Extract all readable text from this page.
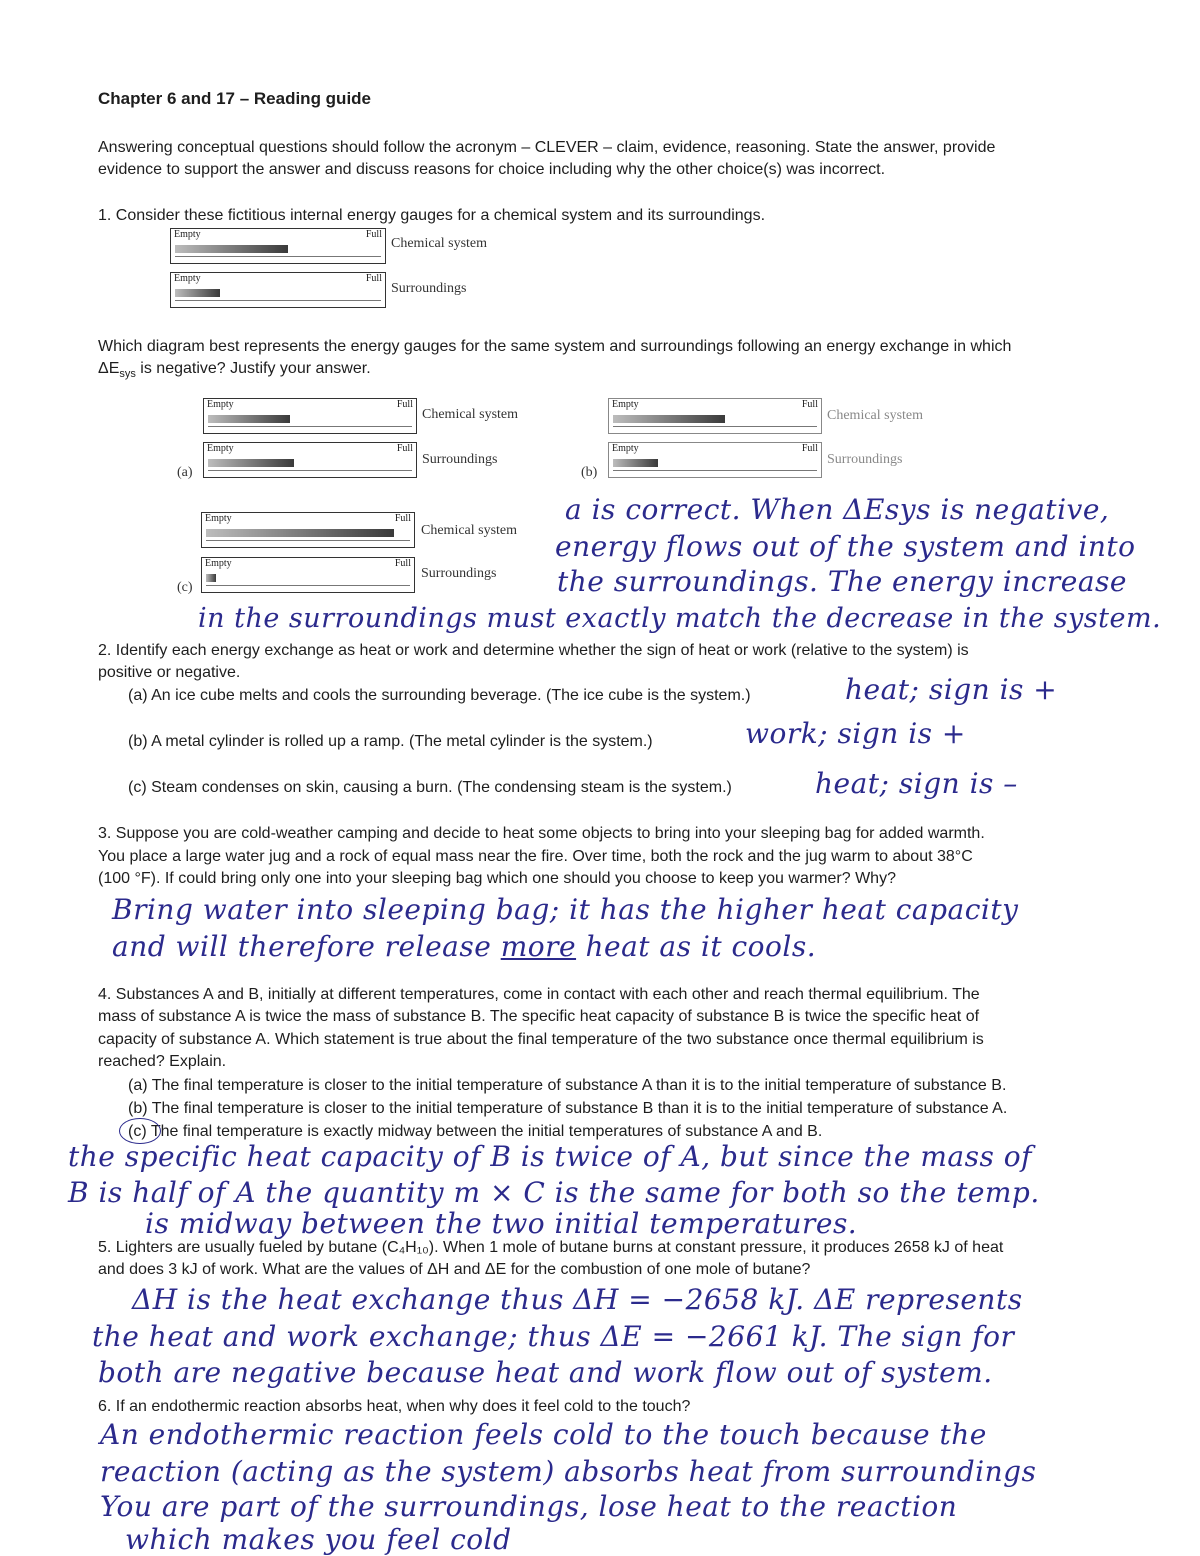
Chapter 6 and 17 – Reading guide
Answering conceptual questions should follow the acronym – CLEVER – claim, evidence, reasoning. State the answer, provide
evidence to support the answer and discuss reasons for choice including why the other choice(s) was incorrect.
1. Consider these fictitious internal energy gauges for a chemical system and its surroundings.
Empty	Full
Chemical system
Empty	Full
Surroundings
Which diagram best represents the energy gauges for the same system and surroundings following an energy exchange in which
$\Delta E_{sys}$ is negative? Justify your answer.
Empty	Full
Chemical system
Empty	Full
Surroundings
(a)
Empty	Full
Chemical system
Empty	Full
Surroundings
(b)
Empty	Full
Chemical system
Empty	Full
Surroundings
(c)
a is correct. When ΔEsys is negative,
energy flows out of the system and into
the surroundings. The energy increase
in the surroundings must exactly match the decrease in the system.
2. Identify each energy exchange as heat or work and determine whether the sign of heat or work (relative to the system) is
positive or negative.
(a) An ice cube melts and cools the surrounding beverage. (The ice cube is the system.)
(b) A metal cylinder is rolled up a ramp. (The metal cylinder is the system.)
(c) Steam condenses on skin, causing a burn. (The condensing steam is the system.)
heat; sign is +
work; sign is +
heat; sign is –
3. Suppose you are cold-weather camping and decide to heat some objects to bring into your sleeping bag for added warmth.
You place a large water jug and a rock of equal mass near the fire. Over time, both the rock and the jug warm to about 38°C
(100 °F). If could bring only one into your sleeping bag which one should you choose to keep you warmer? Why?
Bring water into sleeping bag; it has the higher heat capacity
and will therefore release more heat as it cools.
4. Substances A and B, initially at different temperatures, come in contact with each other and reach thermal equilibrium. The
mass of substance A is twice the mass of substance B. The specific heat capacity of substance B is twice the specific heat of
capacity of substance A. Which statement is true about the final temperature of the two substance once thermal equilibrium is
reached? Explain.
(a) The final temperature is closer to the initial temperature of substance A than it is to the initial temperature of substance B.
(b) The final temperature is closer to the initial temperature of substance B than it is to the initial temperature of substance A.
(c) The final temperature is exactly midway between the initial temperatures of substance A and B.
the specific heat capacity of B is twice of A, but since the mass of
B is half of A the quantity m × C is the same for both so the temp.
is midway between the two initial temperatures.
5. Lighters are usually fueled by butane (C₄H₁₀). When 1 mole of butane burns at constant pressure, it produces 2658 kJ of heat
and does 3 kJ of work. What are the values of ΔH and ΔE for the combustion of one mole of butane?
ΔH is the heat exchange thus ΔH = −2658 kJ. ΔE represents
the heat and work exchange; thus ΔE = −2661 kJ. The sign for
both are negative because heat and work flow out of system.
6. If an endothermic reaction absorbs heat, when why does it feel cold to the touch?
An endothermic reaction feels cold to the touch because the
reaction (acting as the system) absorbs heat from surroundings
You are part of the surroundings, lose heat to the reaction
which makes you feel cold
